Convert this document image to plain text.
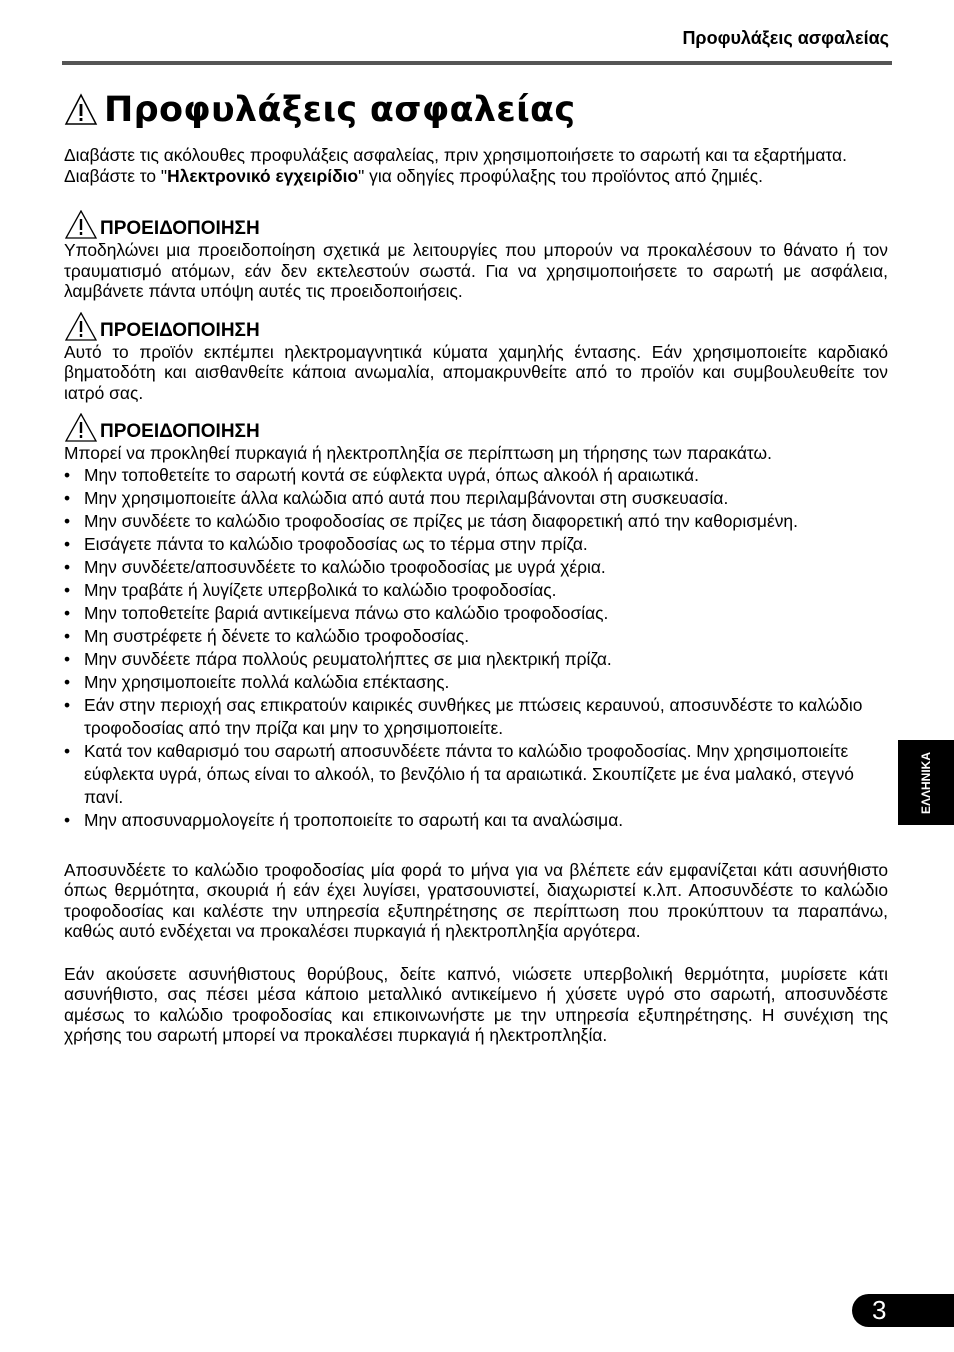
Προφυλάξεις ασφαλείας
Προφυλάξεις ασφαλείας

Διαβάστε τις ακόλουθες προφυλάξεις ασφαλείας, πριν χρησιμοποιήσετε το σαρωτή και τα εξαρτήματα.

Διαβάστε το "Ηλεκτρονικό εγχειρίδιο" για οδηγίες προφύλαξης του προϊόντος από ζημιές.

ΠΡΟΕΙΔΟΠΟΙΗΣΗ

Υποδηλώνει μια προειδοποίηση σχετικά με λειτουργίες που μπορούν να προκαλέσουν το θάνατο ή τον τραυματισμό ατόμων, εάν δεν εκτελεστούν σωστά. Για να χρησιμοποιήσετε το σαρωτή με ασφάλεια, λαμβάνετε πάντα υπόψη αυτές τις προειδοποιήσεις.

ΠΡΟΕΙΔΟΠΟΙΗΣΗ

Αυτό το προϊόν εκπέμπει ηλεκτρομαγνητικά κύματα χαμηλής έντασης. Εάν χρησιμοποιείτε καρδιακό βηματοδότη και αισθανθείτε κάποια ανωμαλία, απομακρυνθείτε από το προϊόν και συμβουλευθείτε τον ιατρό σας.

ΠΡΟΕΙΔΟΠΟΙΗΣΗ

Μπορεί να προκληθεί πυρκαγιά ή ηλεκτροπληξία σε περίπτωση μη τήρησης των παρακάτω.

• Μην τοποθετείτε το σαρωτή κοντά σε εύφλεκτα υγρά, όπως αλκοόλ ή αραιωτικά.
• Μην χρησιμοποιείτε άλλα καλώδια από αυτά που περιλαμβάνονται στη συσκευασία.
• Μην συνδέετε το καλώδιο τροφοδοσίας σε πρίζες με τάση διαφορετική από την καθορισμένη.
• Εισάγετε πάντα το καλώδιο τροφοδοσίας ως το τέρμα στην πρίζα.
• Μην συνδέετε/αποσυνδέετε το καλώδιο τροφοδοσίας με υγρά χέρια.
• Μην τραβάτε ή λυγίζετε υπερβολικά το καλώδιο τροφοδοσίας.
• Μην τοποθετείτε βαριά αντικείμενα πάνω στο καλώδιο τροφοδοσίας.
• Μη συστρέφετε ή δένετε το καλώδιο τροφοδοσίας.
• Μην συνδέετε πάρα πολλούς ρευματολήπτες σε μια ηλεκτρική πρίζα.
• Μην χρησιμοποιείτε πολλά καλώδια επέκτασης.
• Εάν στην περιοχή σας επικρατούν καιρικές συνθήκες με πτώσεις κεραυνού, αποσυνδέστε το καλώδιο τροφοδοσίας από την πρίζα και μην το χρησιμοποιείτε.
• Κατά τον καθαρισμό του σαρωτή αποσυνδέετε πάντα το καλώδιο τροφοδοσίας. Μην χρησιμοποιείτε εύφλεκτα υγρά, όπως είναι το αλκοόλ, το βενζόλιο ή τα αραιωτικά. Σκουπίζετε με ένα μαλακό, στεγνό πανί.
• Μην αποσυναρμολογείτε ή τροποποιείτε το σαρωτή και τα αναλώσιμα.

Αποσυνδέετε το καλώδιο τροφοδοσίας μία φορά το μήνα για να βλέπετε εάν εμφανίζεται κάτι ασυνήθιστο όπως θερμότητα, σκουριά ή εάν έχει λυγίσει, γρατσουνιστεί, διαχωριστεί κ.λπ. Αποσυνδέστε το καλώδιο τροφοδοσίας και καλέστε την υπηρεσία εξυπηρέτησης σε περίπτωση που προκύπτουν τα παραπάνω, καθώς αυτό ενδέχεται να προκαλέσει πυρκαγιά ή ηλεκτροπληξία αργότερα.

Εάν ακούσετε ασυνήθιστους θορύβους, δείτε καπνό, νιώσετε υπερβολική θερμότητα, μυρίσετε κάτι ασυνήθιστο, σας πέσει μέσα κάποιο μεταλλικό αντικείμενο ή χύσετε υγρό στο σαρωτή, αποσυνδέστε αμέσως το καλώδιο τροφοδοσίας και επικοινωνήστε με την υπηρεσία εξυπηρέτησης. Η συνέχιση της χρήσης του σαρωτή μπορεί να προκαλέσει πυρκαγιά ή ηλεκτροπληξία.

ΕΛΛΗΝΙΚΑ
3
